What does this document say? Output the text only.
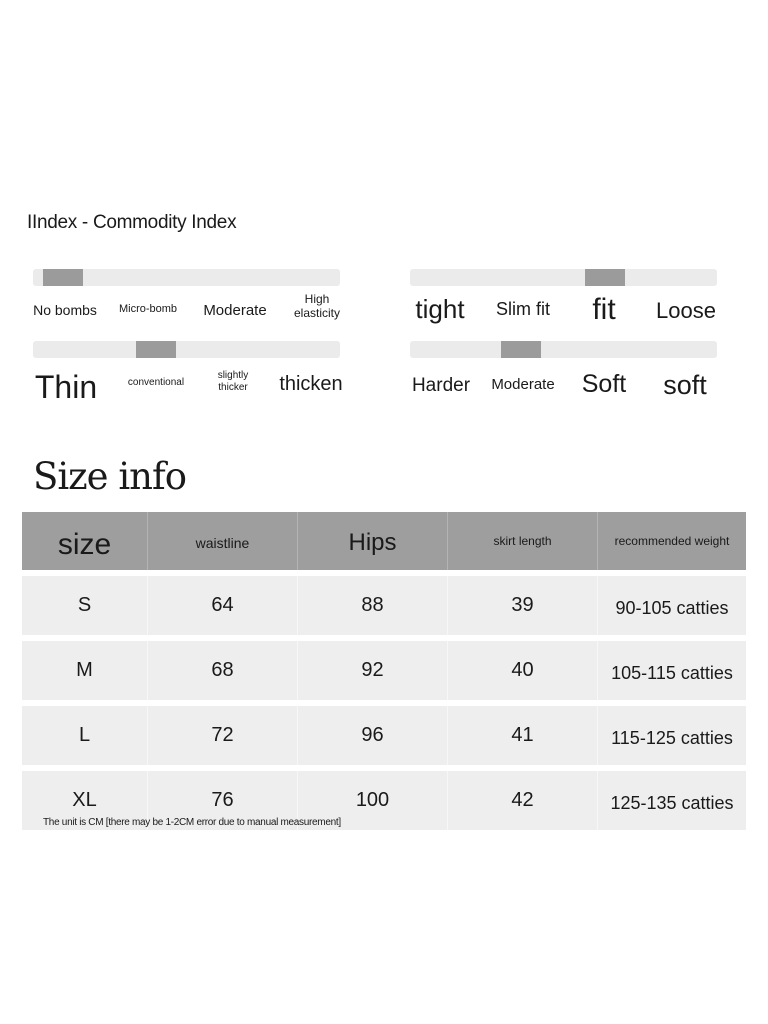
IIndex - Commodity Index
No bombs Micro-bomb Moderate
High elasticity	tight Slim fit fit Loose
Thin	conventional
slightly thicker	thicken	Harder Moderate Soft soft
Size info
size	waistline	Hips	skirt length	recommended weight
S	64	88	39	90-105 catties
M	68	92	40	105-115 catties
L	72	96	41	115-125 catties
XL	76	100	42	125-135 catties
The unit is CM [there may be 1-2CM error due to manual measurement]
